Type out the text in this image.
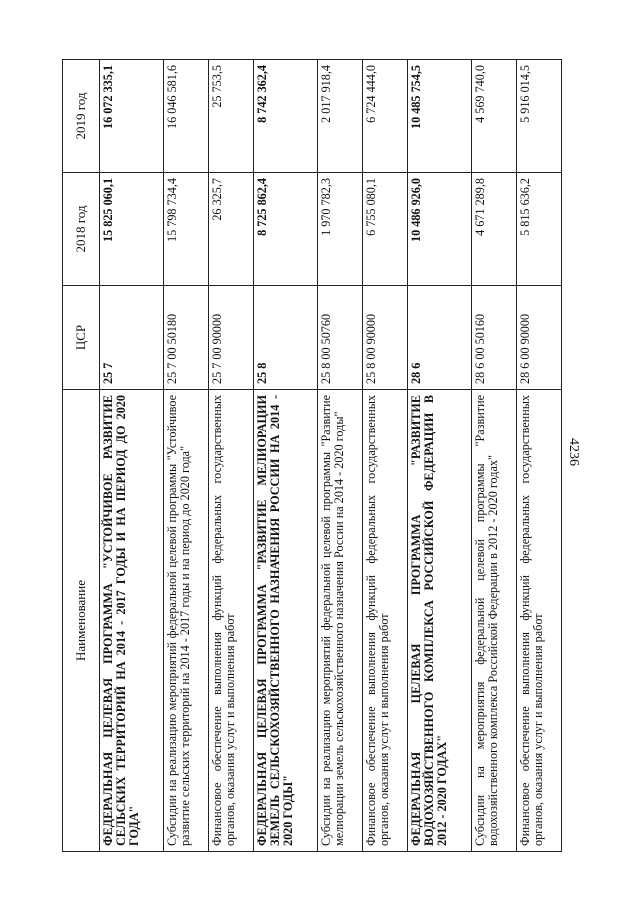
4236
Наименование	ЦСР	2018 год	2019 год
ФЕДЕРАЛЬНАЯ ЦЕЛЕВАЯ ПРОГРАММА "УСТОЙЧИВОЕ РАЗВИТИЕ СЕЛЬСКИХ ТЕРРИТОРИЙ НА 2014 - 2017 ГОДЫ И НА ПЕРИОД ДО 2020 ГОДА"	25 7	15 825 060,1	16 072 335,1
Субсидии на реализацию мероприятий федеральной целевой программы "Устойчивое развитие сельских территорий на 2014 - 2017 годы и на период до 2020 года"	25 7 00 50180	15 798 734,4	16 046 581,6
Финансовое обеспечение выполнения функций федеральных государственных органов, оказания услуг и выполнения работ	25 7 00 90000	26 325,7	25 753,5
ФЕДЕРАЛЬНАЯ ЦЕЛЕВАЯ ПРОГРАММА "РАЗВИТИЕ МЕЛИОРАЦИИ ЗЕМЕЛЬ СЕЛЬСКОХОЗЯЙСТВЕННОГО НАЗНАЧЕНИЯ РОССИИ НА 2014 - 2020 ГОДЫ"	25 8	8 725 862,4	8 742 362,4
Субсидии на реализацию мероприятий федеральной целевой программы "Развитие мелиорации земель сельскохозяйственного назначения России на 2014 - 2020 годы"	25 8 00 50760	1 970 782,3	2 017 918,4
Финансовое обеспечение выполнения функций федеральных государственных органов, оказания услуг и выполнения работ	25 8 00 90000	6 755 080,1	6 724 444,0
ФЕДЕРАЛЬНАЯ ЦЕЛЕВАЯ ПРОГРАММА "РАЗВИТИЕ ВОДОХОЗЯЙСТВЕННОГО КОМПЛЕКСА РОССИЙСКОЙ ФЕДЕРАЦИИ В 2012 - 2020 ГОДАХ"	28 6	10 486 926,0	10 485 754,5
Субсидии на мероприятия федеральной целевой программы "Развитие водохозяйственного комплекса Российской Федерации в 2012 - 2020 годах"	28 6 00 50160	4 671 289,8	4 569 740,0
Финансовое обеспечение выполнения функций федеральных государственных органов, оказания услуг и выполнения работ	28 6 00 90000	5 815 636,2	5 916 014,5
